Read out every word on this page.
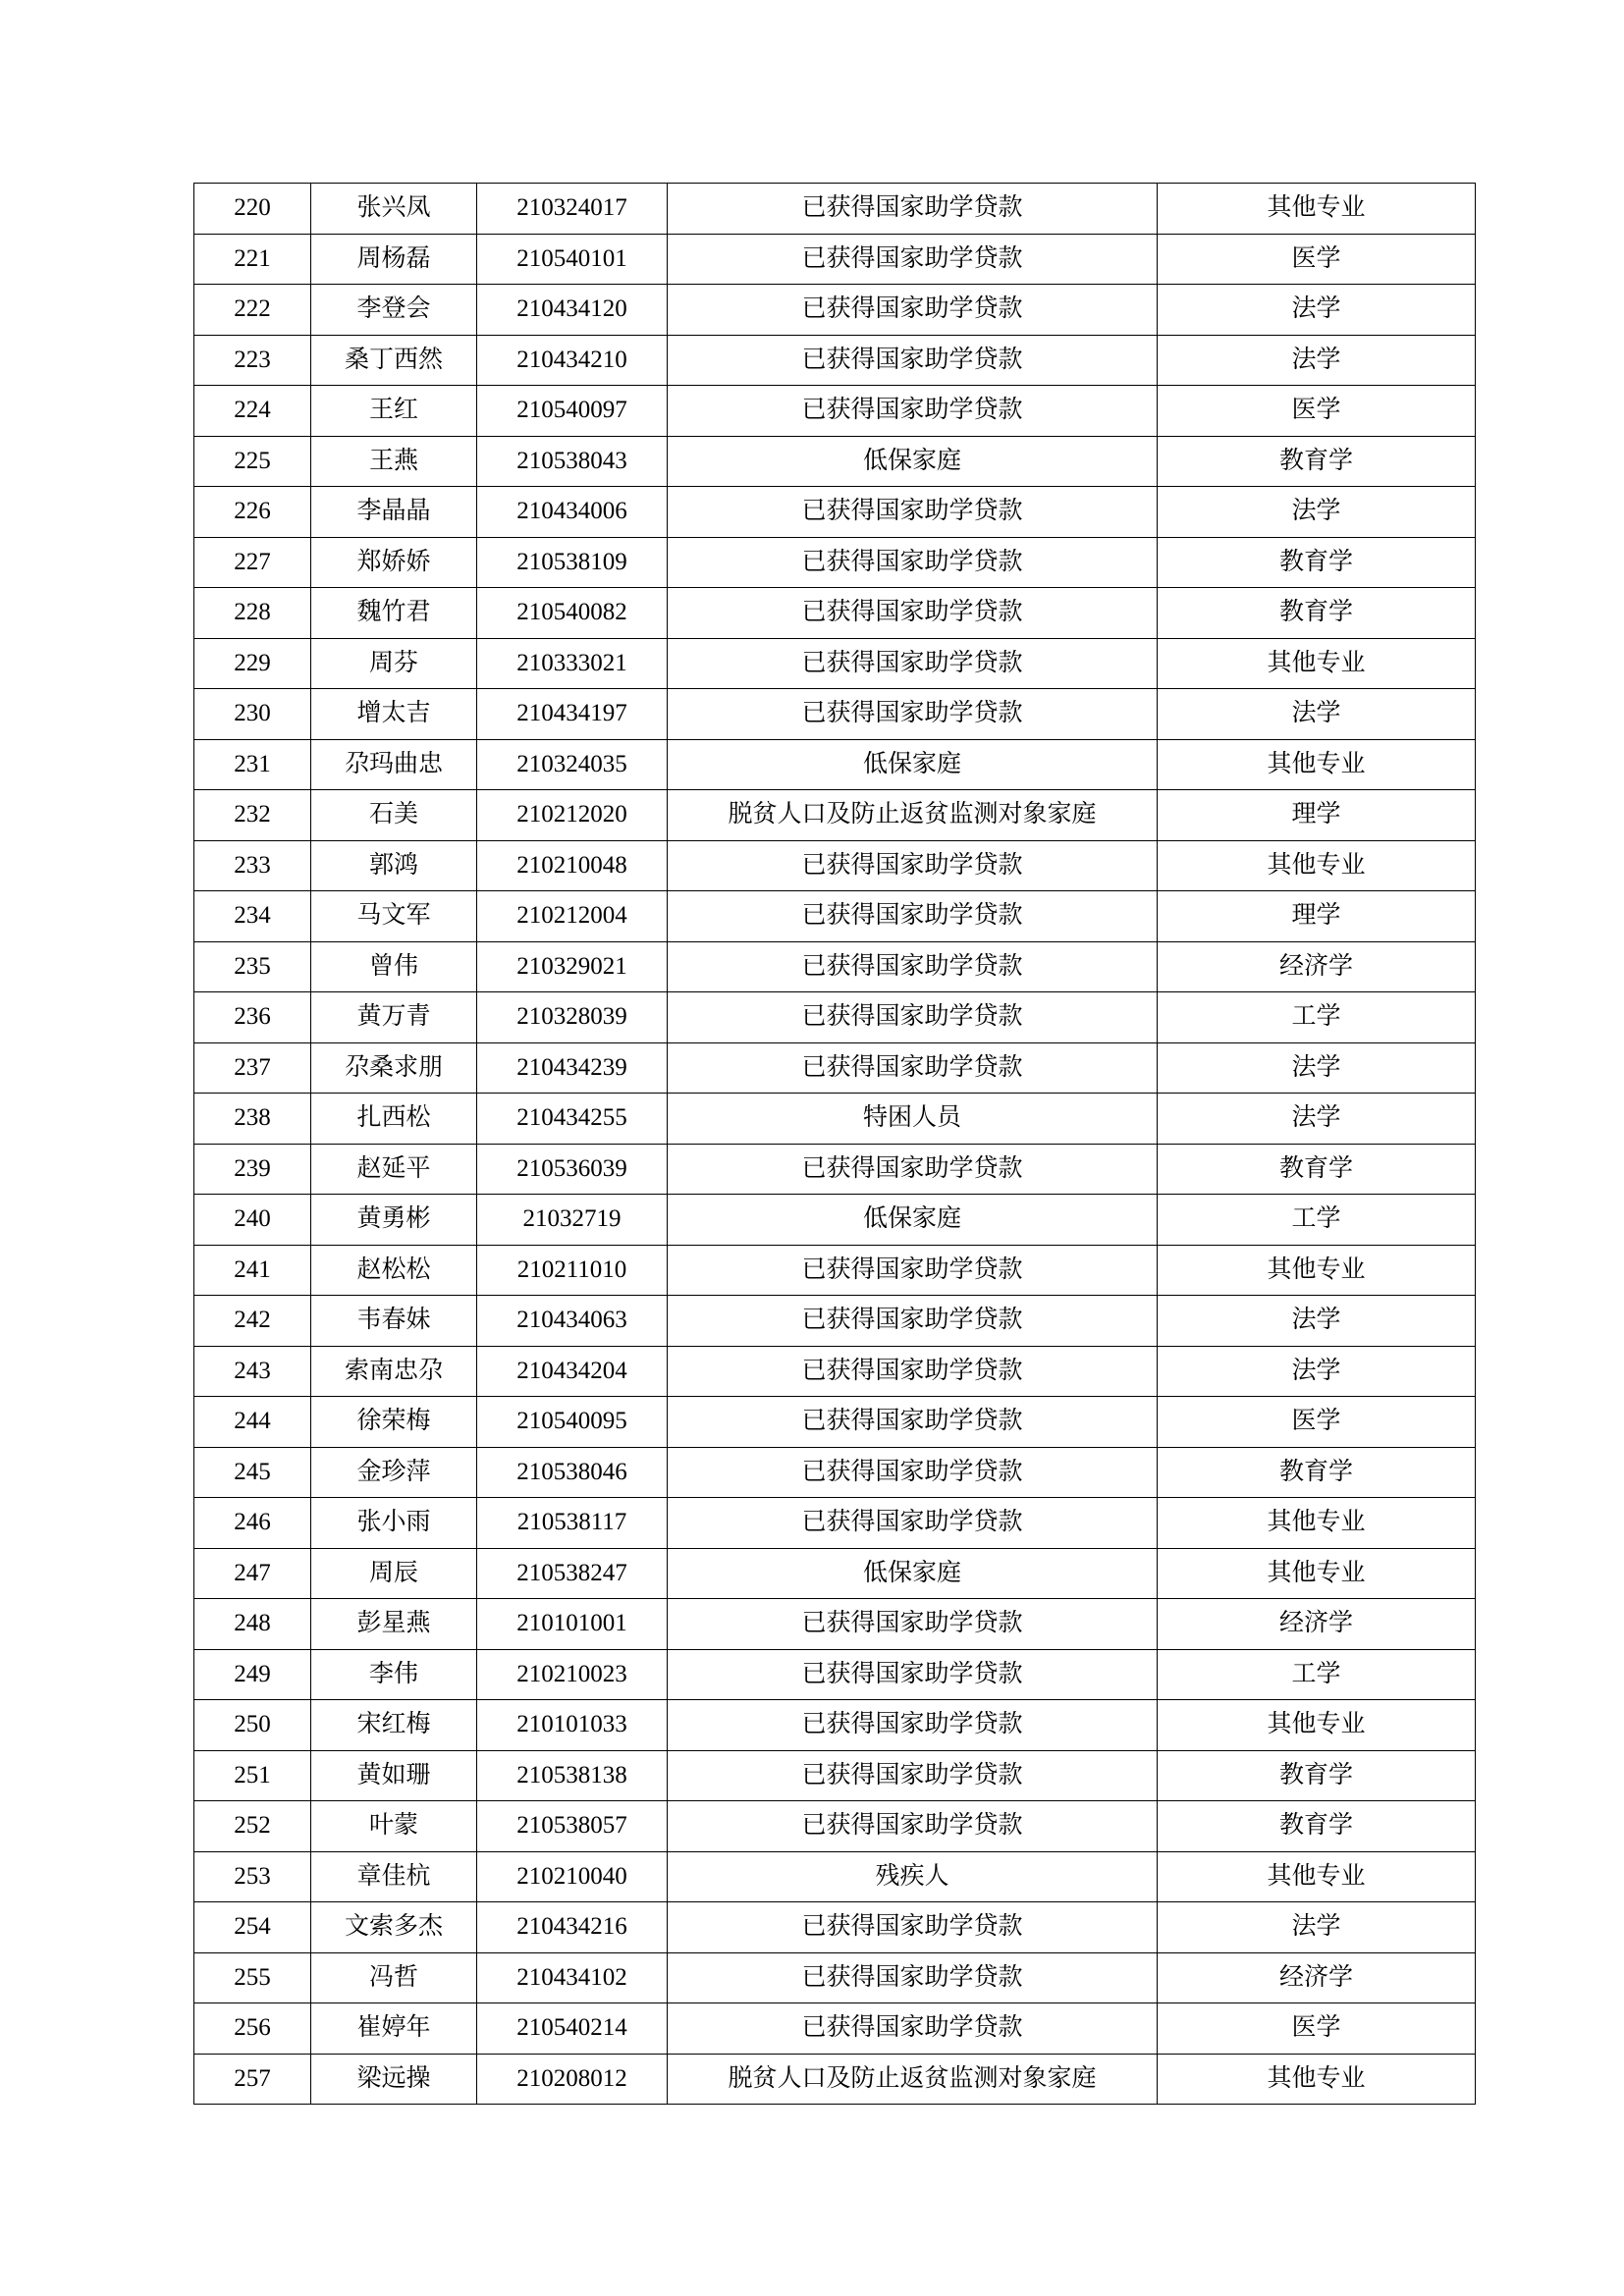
220	张兴凤	210324017	已获得国家助学贷款	其他专业
221	周杨磊	210540101	已获得国家助学贷款	医学
222	李登会	210434120	已获得国家助学贷款	法学
223	桑丁西然	210434210	已获得国家助学贷款	法学
224	王红	210540097	已获得国家助学贷款	医学
225	王燕	210538043	低保家庭	教育学
226	李晶晶	210434006	已获得国家助学贷款	法学
227	郑娇娇	210538109	已获得国家助学贷款	教育学
228	魏竹君	210540082	已获得国家助学贷款	教育学
229	周芬	210333021	已获得国家助学贷款	其他专业
230	增太吉	210434197	已获得国家助学贷款	法学
231	尕玛曲忠	210324035	低保家庭	其他专业
232	石美	210212020	脱贫人口及防止返贫监测对象家庭	理学
233	郭鸿	210210048	已获得国家助学贷款	其他专业
234	马文军	210212004	已获得国家助学贷款	理学
235	曾伟	210329021	已获得国家助学贷款	经济学
236	黄万青	210328039	已获得国家助学贷款	工学
237	尕桑求朋	210434239	已获得国家助学贷款	法学
238	扎西松	210434255	特困人员	法学
239	赵延平	210536039	已获得国家助学贷款	教育学
240	黄勇彬	21032719	低保家庭	工学
241	赵松松	210211010	已获得国家助学贷款	其他专业
242	韦春妹	210434063	已获得国家助学贷款	法学
243	索南忠尕	210434204	已获得国家助学贷款	法学
244	徐荣梅	210540095	已获得国家助学贷款	医学
245	金珍萍	210538046	已获得国家助学贷款	教育学
246	张小雨	210538117	已获得国家助学贷款	其他专业
247	周辰	210538247	低保家庭	其他专业
248	彭星燕	210101001	已获得国家助学贷款	经济学
249	李伟	210210023	已获得国家助学贷款	工学
250	宋红梅	210101033	已获得国家助学贷款	其他专业
251	黄如珊	210538138	已获得国家助学贷款	教育学
252	叶蒙	210538057	已获得国家助学贷款	教育学
253	章佳杭	210210040	残疾人	其他专业
254	文索多杰	210434216	已获得国家助学贷款	法学
255	冯哲	210434102	已获得国家助学贷款	经济学
256	崔婷年	210540214	已获得国家助学贷款	医学
257	梁远操	210208012	脱贫人口及防止返贫监测对象家庭	其他专业
